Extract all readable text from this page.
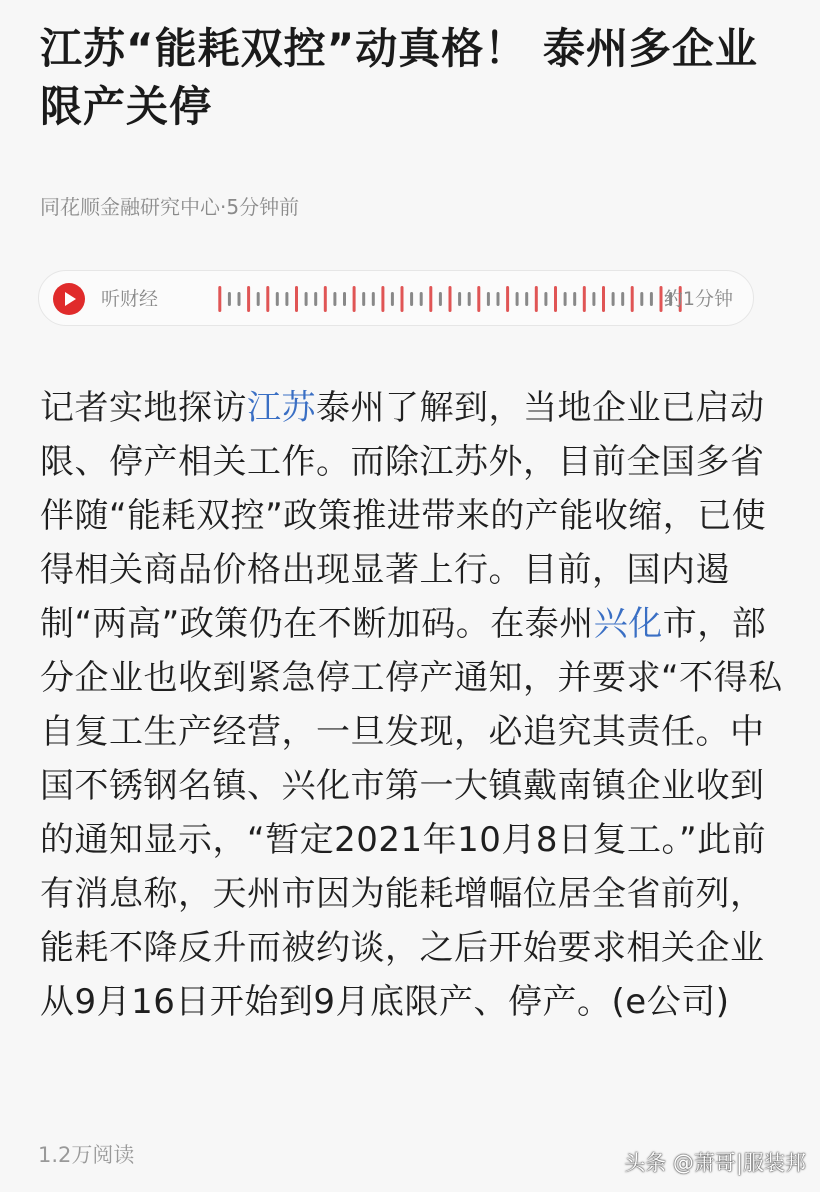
江苏“能耗双控”动真格！ 泰州多企业限产关停
同花顺金融研究中心·5分钟前
听财经	约1分钟

记者实地探访江苏泰州了解到，当地企业已启动限、停产相关工作。而除江苏外，目前全国多省伴随“能耗双控”政策推进带来的产能收缩，已使得相关商品价格出现显著上行。目前，国内遏制“两高”政策仍在不断加码。在泰州兴化市，部分企业也收到紧急停工停产通知，并要求“不得私自复工生产经营，一旦发现，必追究其责任。中国不锈钢名镇、兴化市第一大镇戴南镇企业收到的通知显示，“暂定2021年10月8日复工。”此前有消息称，天州市因为能耗增幅位居全省前列，能耗不降反升而被约谈，之后开始要求相关企业从9月16日开始到9月底限产、停产。(e公司)

1.2万阅读	头条 @萧哥|服装邦
